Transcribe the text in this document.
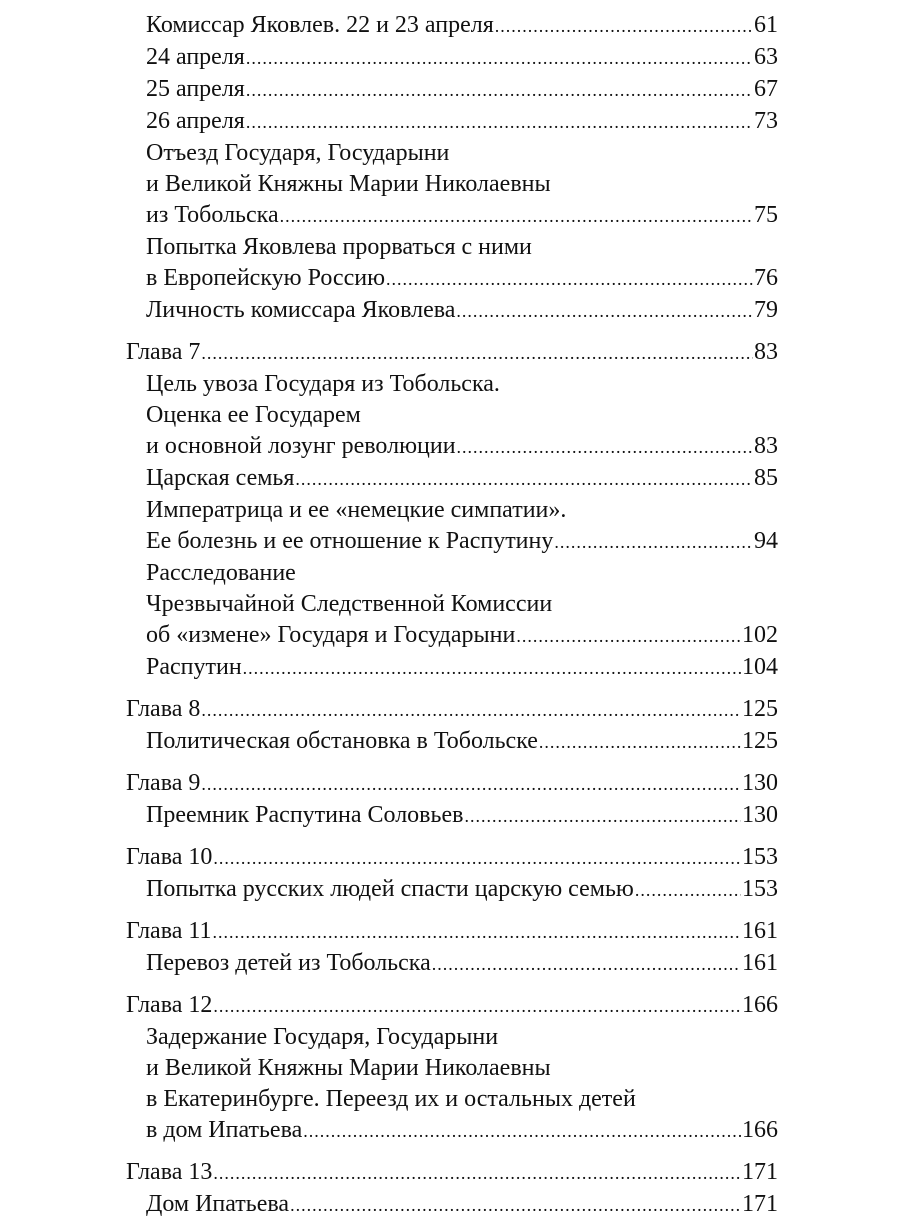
Комиссар Яковлев. 22 и 23 апреля .....	61
24 апреля .....	63
25 апреля .....	67
26 апреля .....	73
Отъезд Государя, Государыни
и Великой Княжны Марии Николаевны
из Тобольска .....	75
Попытка Яковлева прорваться с ними
в Европейскую Россию .....	76
Личность комиссара Яковлева .....	79
Глава 7 .....	83
Цель увоза Государя из Тобольска.
Оценка ее Государем
и основной лозунг революции .....	83
Царская семья .....	85
Императрица и ее «немецкие симпатии».
Ее болезнь и ее отношение к Распутину .....	94
Расследование
Чрезвычайной Следственной Комиссии
об «измене» Государя и Государыни .....	102
Распутин .....	104
Глава 8 .....	125
Политическая обстановка в Тобольске .....	125
Глава 9 .....	130
Преемник Распутина Соловьев .....	130
Глава 10 .....	153
Попытка русских людей спасти царскую семью .....	153
Глава 11 .....	161
Перевоз детей из Тобольска .....	161
Глава 12 .....	166
Задержание Государя, Государыни
и Великой Княжны Марии Николаевны
в Екатеринбурге. Переезд их и остальных детей
в дом Ипатьева .....	166
Глава 13 .....	171
Дом Ипатьева .....	171
